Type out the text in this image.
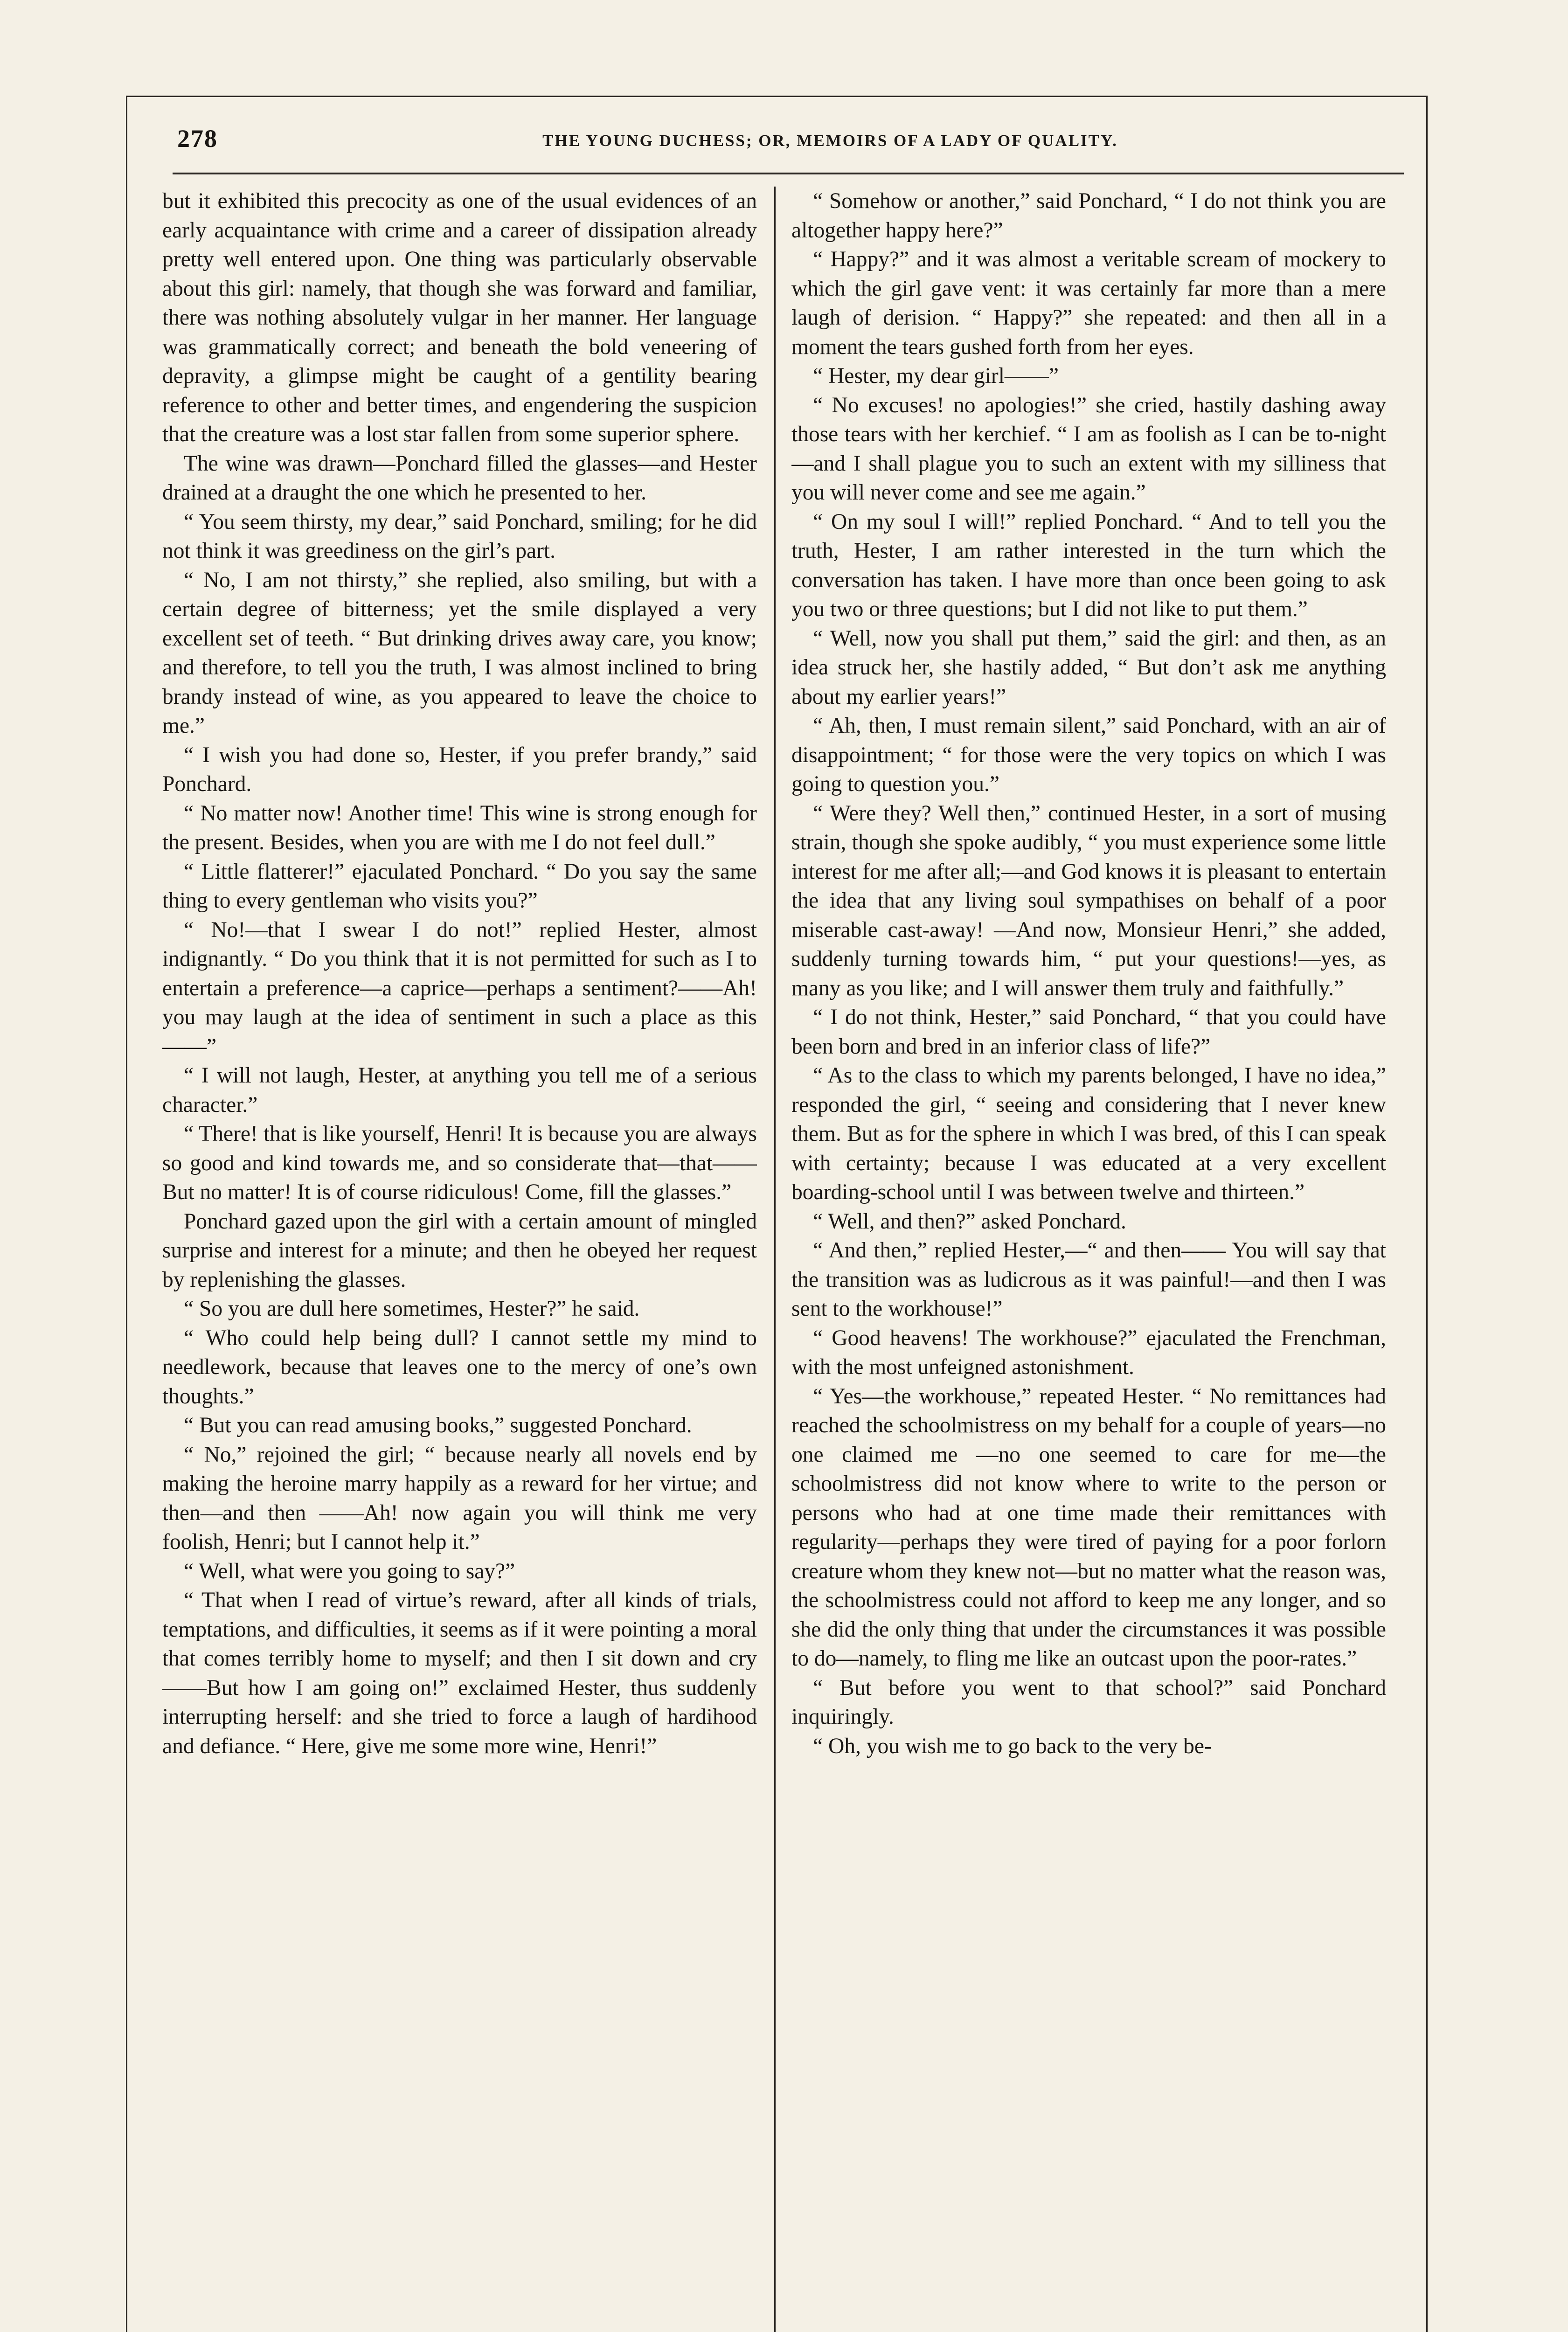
278	THE YOUNG DUCHESS; OR, MEMOIRS OF A LADY OF QUALITY.

but it exhibited this precocity as one of the usual evidences of an early acquaintance with crime and a career of dissipation already pretty well entered upon. One thing was particularly observable about this girl: namely, that though she was forward and familiar, there was nothing absolutely vulgar in her manner. Her language was grammatically correct; and beneath the bold veneering of depravity, a glimpse might be caught of a gentility bearing reference to other and better times, and engendering the suspicion that the creature was a lost star fallen from some superior sphere.

The wine was drawn—Ponchard filled the glasses—and Hester drained at a draught the one which he presented to her.

“ You seem thirsty, my dear,” said Ponchard, smiling; for he did not think it was greediness on the girl’s part.

“ No, I am not thirsty,” she replied, also smiling, but with a certain degree of bitterness; yet the smile displayed a very excellent set of teeth. “ But drinking drives away care, you know; and therefore, to tell you the truth, I was almost inclined to bring brandy instead of wine, as you appeared to leave the choice to me.”

“ I wish you had done so, Hester, if you prefer brandy,” said Ponchard.

“ No matter now! Another time! This wine is strong enough for the present. Besides, when you are with me I do not feel dull.”

“ Little flatterer!” ejaculated Ponchard. “ Do you say the same thing to every gentleman who visits you?”

“ No!—that I swear I do not!” replied Hester, almost indignantly. “ Do you think that it is not permitted for such as I to entertain a preference—a caprice—perhaps a sentiment?——Ah! you may laugh at the idea of sentiment in such a place as this——”

“ I will not laugh, Hester, at anything you tell me of a serious character.”

“ There! that is like yourself, Henri! It is because you are always so good and kind towards me, and so considerate that—that——But no matter! It is of course ridiculous! Come, fill the glasses.”

Ponchard gazed upon the girl with a certain amount of mingled surprise and interest for a minute; and then he obeyed her request by replenishing the glasses.

“ So you are dull here sometimes, Hester?” he said.

“ Who could help being dull? I cannot settle my mind to needlework, because that leaves one to the mercy of one’s own thoughts.”

“ But you can read amusing books,” suggested Ponchard.

“ No,” rejoined the girl; “ because nearly all novels end by making the heroine marry happily as a reward for her virtue; and then—and then ——Ah! now again you will think me very foolish, Henri; but I cannot help it.”

“ Well, what were you going to say?”

“ That when I read of virtue’s reward, after all kinds of trials, temptations, and difficulties, it seems as if it were pointing a moral that comes terribly home to myself; and then I sit down and cry——But how I am going on!” exclaimed Hester, thus suddenly interrupting herself: and she tried to force a laugh of hardihood and defiance. “ Here, give me some more wine, Henri!”

“ Somehow or another,” said Ponchard, “ I do not think you are altogether happy here?”

“ Happy?” and it was almost a veritable scream of mockery to which the girl gave vent: it was certainly far more than a mere laugh of derision. “ Happy?” she repeated: and then all in a moment the tears gushed forth from her eyes.

“ Hester, my dear girl——”

“ No excuses! no apologies!” she cried, hastily dashing away those tears with her kerchief. “ I am as foolish as I can be to-night—and I shall plague you to such an extent with my silliness that you will never come and see me again.”

“ On my soul I will!” replied Ponchard. “ And to tell you the truth, Hester, I am rather interested in the turn which the conversation has taken. I have more than once been going to ask you two or three questions; but I did not like to put them.”

“ Well, now you shall put them,” said the girl: and then, as an idea struck her, she hastily added, “ But don’t ask me anything about my earlier years!”

“ Ah, then, I must remain silent,” said Ponchard, with an air of disappointment; “ for those were the very topics on which I was going to question you.”

“ Were they? Well then,” continued Hester, in a sort of musing strain, though she spoke audibly, “ you must experience some little interest for me after all;—and God knows it is pleasant to entertain the idea that any living soul sympathises on behalf of a poor miserable cast-away! —And now, Monsieur Henri,” she added, suddenly turning towards him, “ put your questions!—yes, as many as you like; and I will answer them truly and faithfully.”

“ I do not think, Hester,” said Ponchard, “ that you could have been born and bred in an inferior class of life?”

“ As to the class to which my parents belonged, I have no idea,” responded the girl, “ seeing and considering that I never knew them. But as for the sphere in which I was bred, of this I can speak with certainty; because I was educated at a very excellent boarding-school until I was between twelve and thirteen.”

“ Well, and then?” asked Ponchard.

“ And then,” replied Hester,—“ and then—— You will say that the transition was as ludicrous as it was painful!—and then I was sent to the workhouse!”

“ Good heavens! The workhouse?” ejaculated the Frenchman, with the most unfeigned astonishment.

“ Yes—the workhouse,” repeated Hester. “ No remittances had reached the schoolmistress on my behalf for a couple of years—no one claimed me —no one seemed to care for me—the schoolmistress did not know where to write to the person or persons who had at one time made their remittances with regularity—perhaps they were tired of paying for a poor forlorn creature whom they knew not—but no matter what the reason was, the schoolmistress could not afford to keep me any longer, and so she did the only thing that under the circumstances it was possible to do—namely, to fling me like an outcast upon the poor-rates.”

“ But before you went to that school?” said Ponchard inquiringly.

“ Oh, you wish me to go back to the very be-
